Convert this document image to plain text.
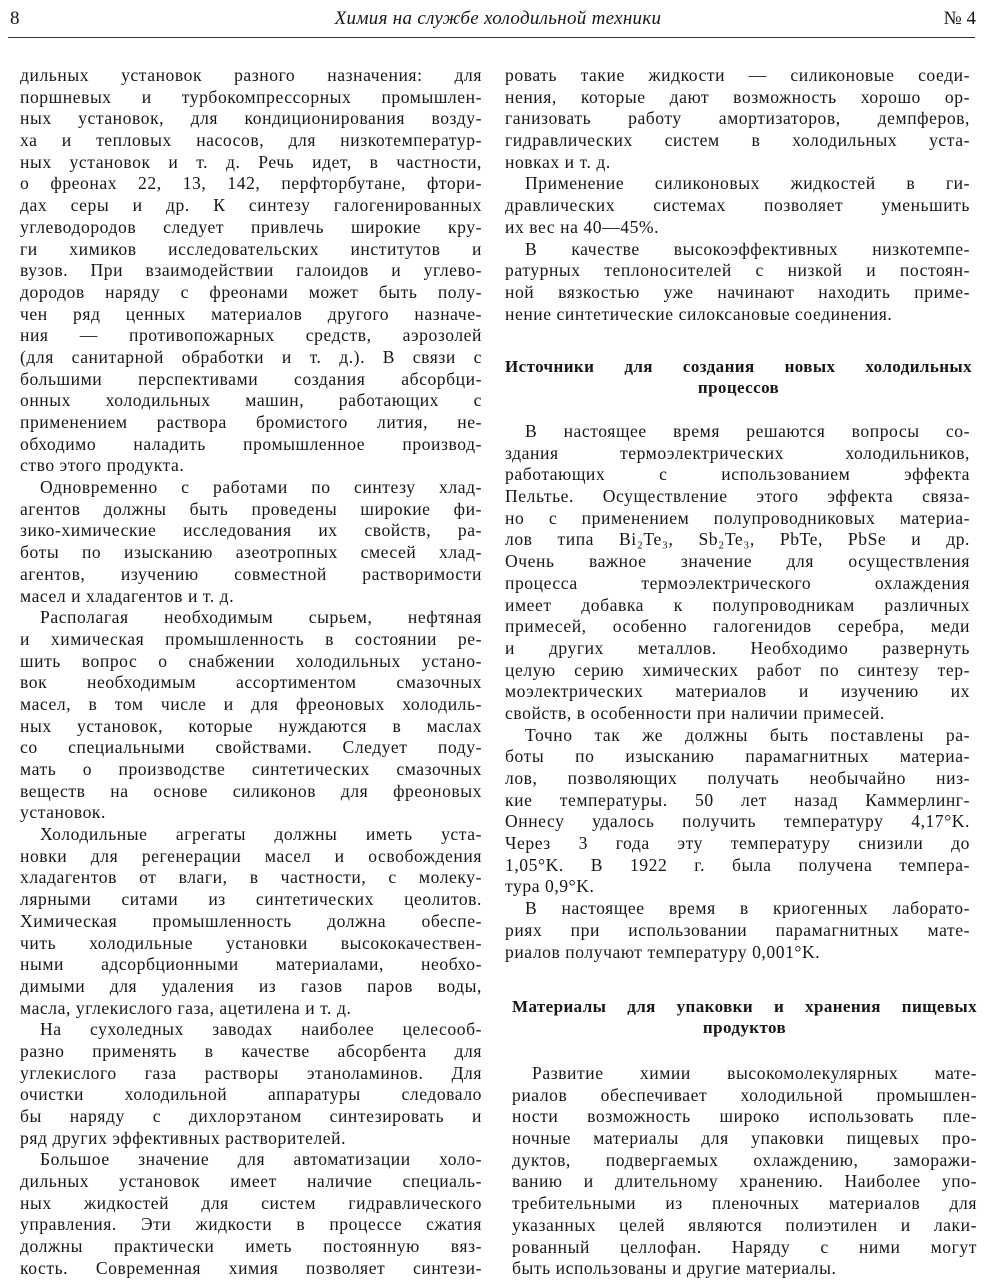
8	Химия на службе холодильной техники	№ 4
дильных установок разного назначения: для
поршневых и турбокомпрессорных промышлен-
ных установок, для кондиционирования возду-
ха и тепловых насосов, для низкотемператур-
ных установок и т. д. Речь идет, в частности,
о фреонах 22, 13, 142, перфторбутане, фтори-
дах серы и др. К синтезу галогенированных
углеводородов следует привлечь широкие кру-
ги химиков исследовательских институтов и
вузов. При взаимодействии галоидов и углево-
дородов наряду с фреонами может быть полу-
чен ряд ценных материалов другого назначе-
ния — противопожарных средств, аэрозолей
(для санитарной обработки и т. д.). В связи с
большими перспективами создания абсорбци-
онных холодильных машин, работающих с
применением раствора бромистого лития, не-
обходимо наладить промышленное производ-
ство этого продукта.
Одновременно с работами по синтезу хлад-
агентов должны быть проведены широкие фи-
зико-химические исследования их свойств, ра-
боты по изысканию азеотропных смесей хлад-
агентов, изучению совместной растворимости
масел и хладагентов и т. д.
Располагая необходимым сырьем, нефтяная
и химическая промышленность в состоянии ре-
шить вопрос о снабжении холодильных устано-
вок необходимым ассортиментом смазочных
масел, в том числе и для фреоновых холодиль-
ных установок, которые нуждаются в маслах
со специальными свойствами. Следует поду-
мать о производстве синтетических смазочных
веществ на основе силиконов для фреоновых
установок.
Холодильные агрегаты должны иметь уста-
новки для регенерации масел и освобождения
хладагентов от влаги, в частности, с молеку-
лярными ситами из синтетических цеолитов.
Химическая промышленность должна обеспе-
чить холодильные установки высококачествен-
ными адсорбционными материалами, необхо-
димыми для удаления из газов паров воды,
масла, углекислого газа, ацетилена и т. д.
На сухоледных заводах наиболее целесооб-
разно применять в качестве абсорбента для
углекислого газа растворы этаноламинов. Для
очистки холодильной аппаратуры следовало
бы наряду с дихлорэтаном синтезировать и
ряд других эффективных растворителей.
Большое значение для автоматизации холо-
дильных установок имеет наличие специаль-
ных жидкостей для систем гидравлического
управления. Эти жидкости в процессе сжатия
должны практически иметь постоянную вяз-
кость. Современная химия позволяет синтези-
ровать такие жидкости — силиконовые соеди-
нения, которые дают возможность хорошо ор-
ганизовать работу амортизаторов, демпферов,
гидравлических систем в холодильных уста-
новках и т. д.
Применение силиконовых жидкостей в ги-
дравлических системах позволяет уменьшить
их вес на 40—45%.
В качестве высокоэффективных низкотемпе-
ратурных теплоносителей с низкой и постоян-
ной вязкостью уже начинают находить приме-
нение синтетические силоксановые соединения.
Источники для создания новых холодильных
процессов
В настоящее время решаются вопросы со-
здания термоэлектрических холодильников,
работающих с использованием эффекта
Пельтье. Осуществление этого эффекта связа-
но с применением полупроводниковых материа-
лов типа Bi₂Te₃, Sb₂Te₃, PbTe, PbSe и др.
Очень важное значение для осуществления
процесса термоэлектрического охлаждения
имеет добавка к полупроводникам различных
примесей, особенно галогенидов серебра, меди
и других металлов. Необходимо развернуть
целую серию химических работ по синтезу тер-
моэлектрических материалов и изучению их
свойств, в особенности при наличии примесей.
Точно так же должны быть поставлены ра-
боты по изысканию парамагнитных материа-
лов, позволяющих получать необычайно низ-
кие температуры. 50 лет назад Каммерлинг-
Оннесу удалось получить температуру 4,17°K.
Через 3 года эту температуру снизили до
1,05°K. В 1922 г. была получена темпера-
тура 0,9°K.
В настоящее время в криогенных лаборато-
риях при использовании парамагнитных мате-
риалов получают температуру 0,001°K.
Материалы для упаковки и хранения пищевых
продуктов
Развитие химии высокомолекулярных мате-
риалов обеспечивает холодильной промышлен-
ности возможность широко использовать пле-
ночные материалы для упаковки пищевых про-
дуктов, подвергаемых охлаждению, заморажи-
ванию и длительному хранению. Наиболее упо-
требительными из пленочных материалов для
указанных целей являются полиэтилен и лаки-
рованный целлофан. Наряду с ними могут
быть использованы и другие материалы.
